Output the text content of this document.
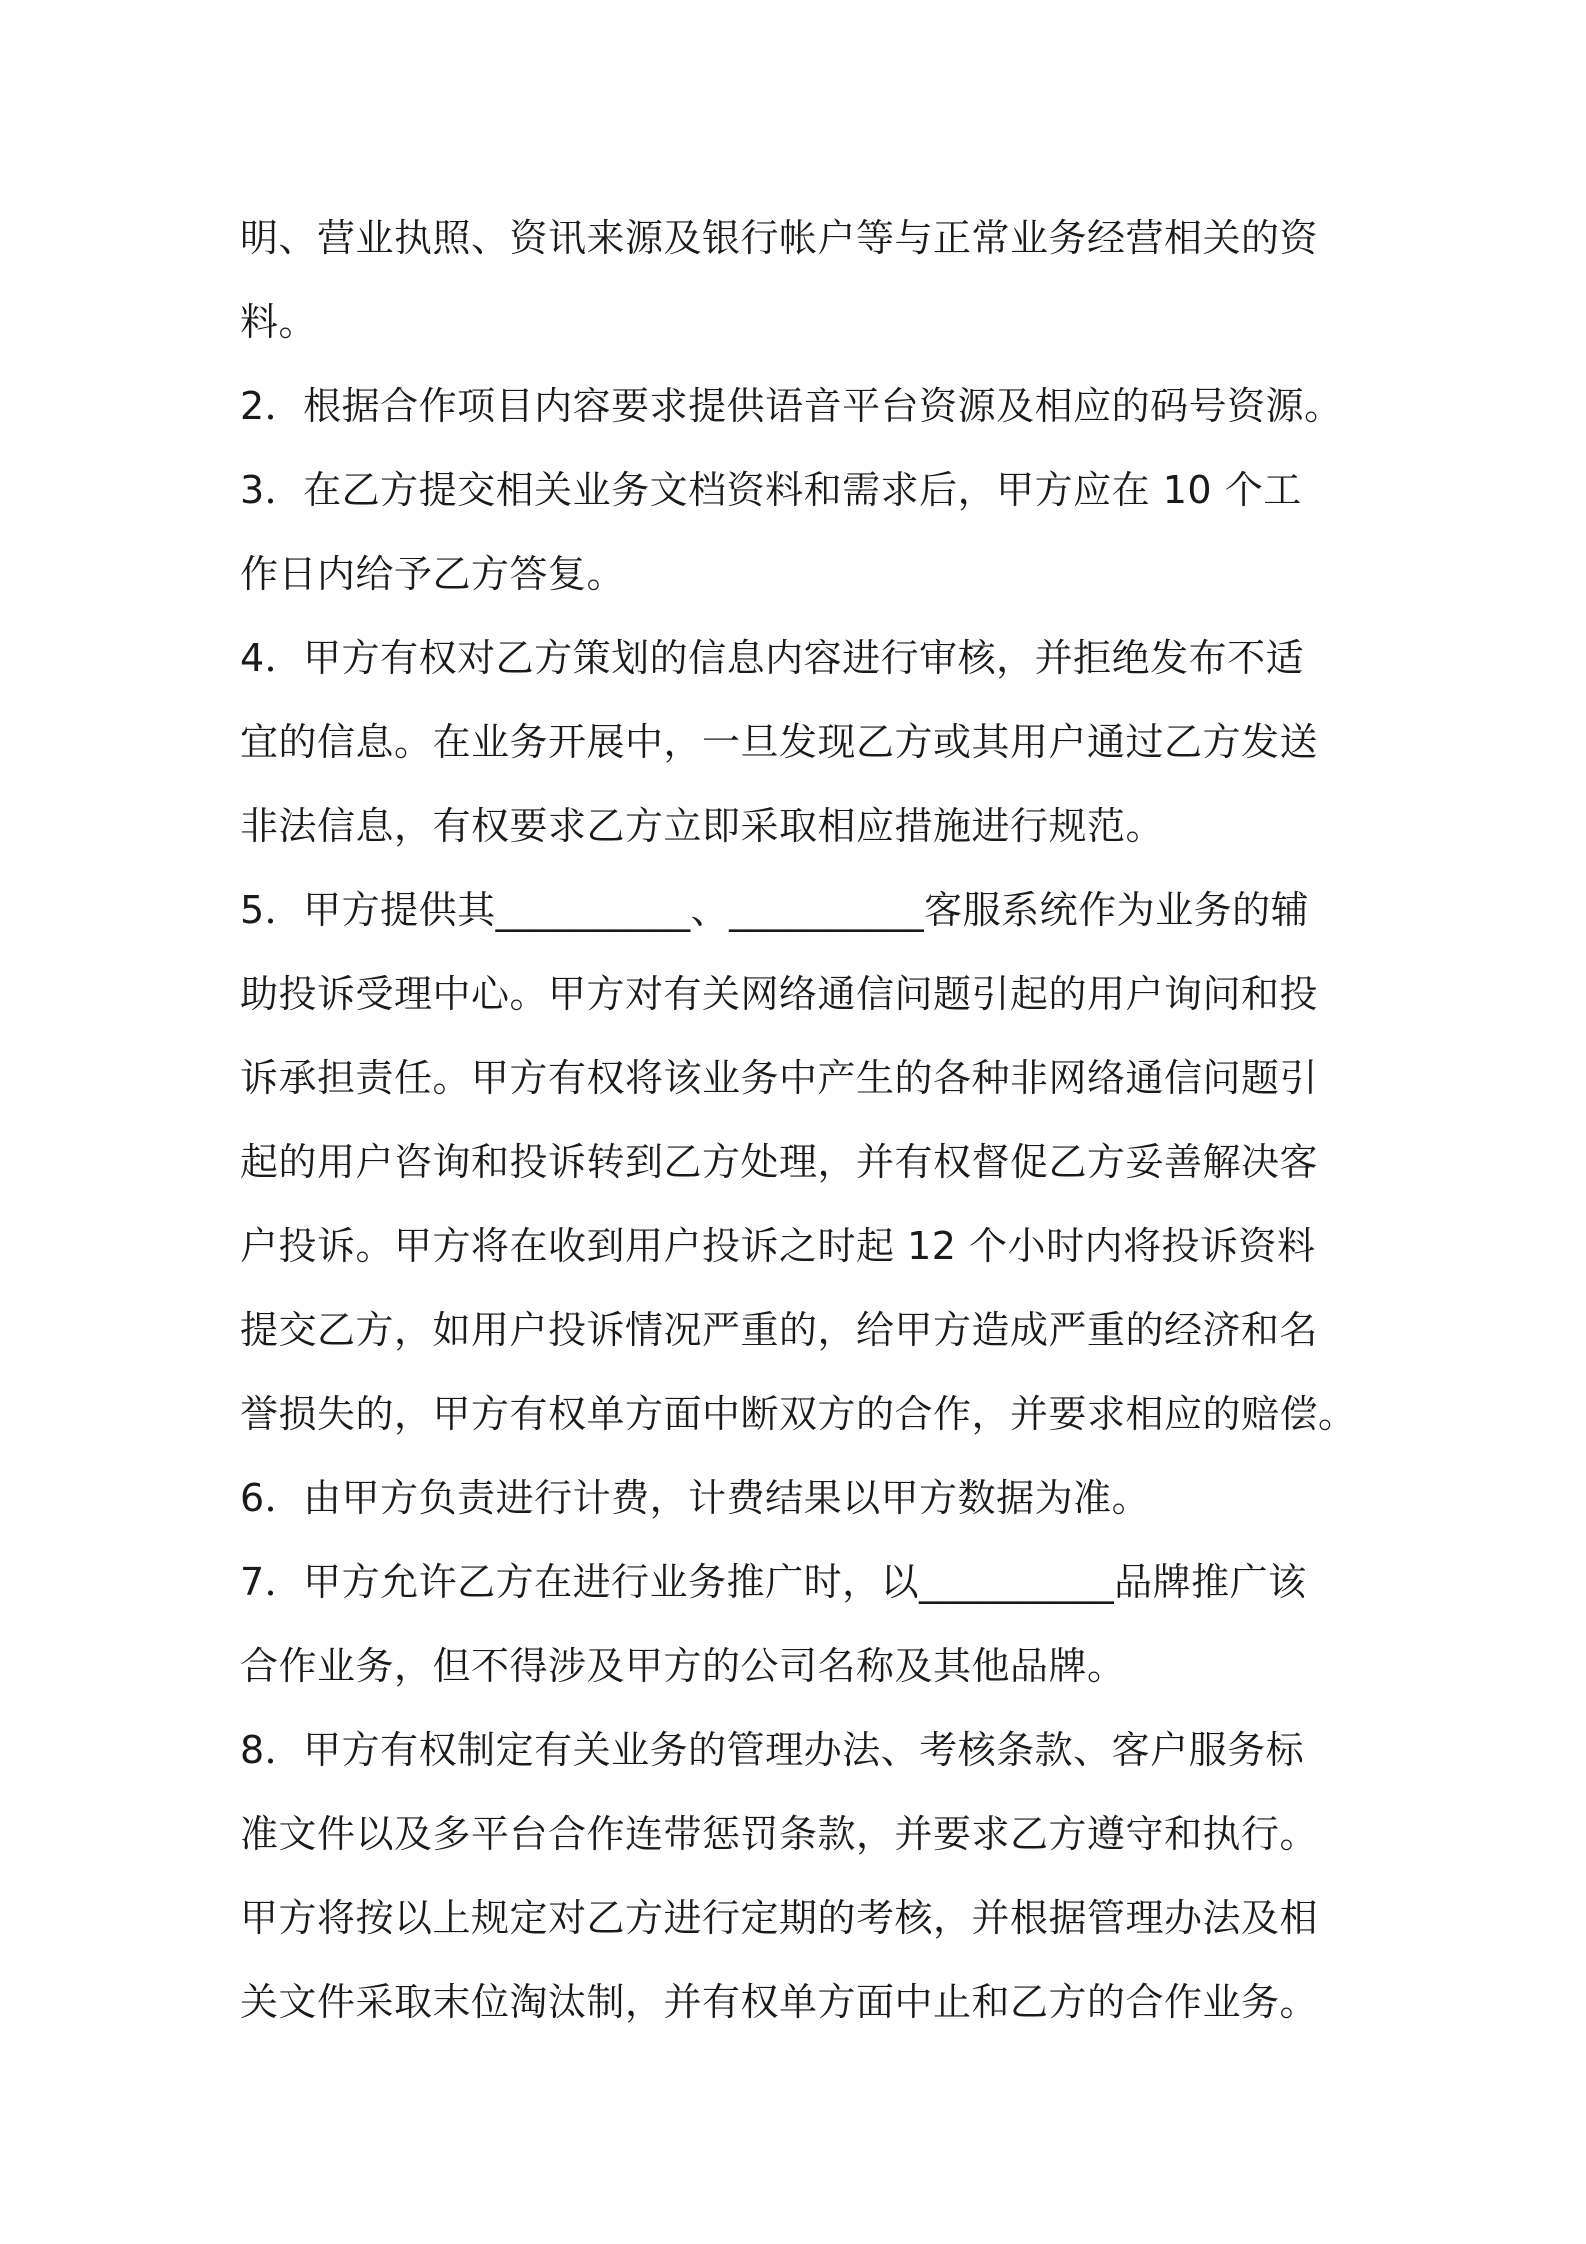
明、营业执照、资讯来源及银行帐户等与正常业务经营相关的资
料。
2．根据合作项目内容要求提供语音平台资源及相应的码号资源。
3．在乙方提交相关业务文档资料和需求后，甲方应在 10 个工
作日内给予乙方答复。
4．甲方有权对乙方策划的信息内容进行审核，并拒绝发布不适
宜的信息。在业务开展中，一旦发现乙方或其用户通过乙方发送
非法信息，有权要求乙方立即采取相应措施进行规范。
5．甲方提供其__________、__________客服系统作为业务的辅
助投诉受理中心。甲方对有关网络通信问题引起的用户询问和投
诉承担责任。甲方有权将该业务中产生的各种非网络通信问题引
起的用户咨询和投诉转到乙方处理，并有权督促乙方妥善解决客
户投诉。甲方将在收到用户投诉之时起 12 个小时内将投诉资料
提交乙方，如用户投诉情况严重的，给甲方造成严重的经济和名
誉损失的，甲方有权单方面中断双方的合作，并要求相应的赔偿。
6．由甲方负责进行计费，计费结果以甲方数据为准。
7．甲方允许乙方在进行业务推广时，以__________品牌推广该
合作业务，但不得涉及甲方的公司名称及其他品牌。
8．甲方有权制定有关业务的管理办法、考核条款、客户服务标
准文件以及多平台合作连带惩罚条款，并要求乙方遵守和执行。
甲方将按以上规定对乙方进行定期的考核，并根据管理办法及相
关文件采取末位淘汰制，并有权单方面中止和乙方的合作业务。
